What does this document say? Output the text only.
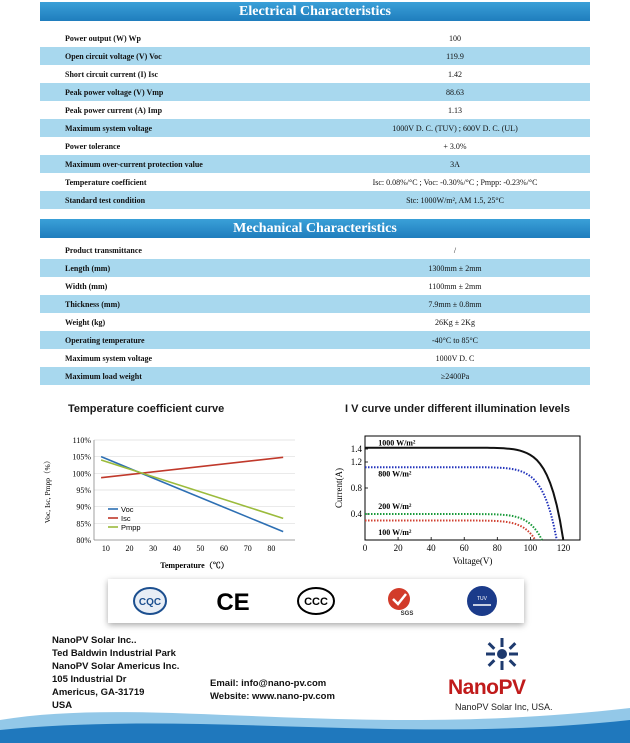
Electrical Characteristics
Power output (W) Wp	100
Open circuit voltage (V) Voc	119.9
Short circuit current (I) Isc	1.42
Peak power voltage (V) Vmp	88.63
Peak power current (A) Imp	1.13
Maximum system voltage	1000V D. C. (TUV) ; 600V D. C. (UL)
Power tolerance	+ 3.0%
Maximum over-current protection value	3A
Temperature coefficient	Isc: 0.08%/°C ; Voc: -0.30%/°C ; Pmpp: -0.23%/°C
Standard test condition	Stc: 1000W/m², AM 1.5, 25°C
Mechanical Characteristics
Product transmittance	/
Length (mm)	1300mm ± 2mm
Width (mm)	1100mm ± 2mm
Thickness (mm)	7.9mm ± 0.8mm
Weight (kg)	26Kg ± 2Kg
Operating temperature	-40°C to 85°C
Maximum system voltage	1000V D. C
Maximum load weight	≥2400Pa
Temperature coefficient curve	I V curve under different illumination levels
110%
105%
100%
95%
90%
85%
80%
10 20 30 40 50 60 70 80
Voc
Isc
Pmpp
Temperature（℃）
Voc, Isc, Pmpp（%）
0	20	40	60	80 100 120
0.4
0.8
1.2
1.4
1000 W/m²
800 W/m²
200 W/m²
100 W/m²
Voltage(V)
Current(A)
CQC CE	CCC
SGS
TUV
NanoPV Solar Inc..
Ted Baldwin Industrial Park
NanoPV Solar Americus Inc.
105 Industrial Dr
Americus, GA-31719
USA
Email: info@nano-pv.com
Website: www.nano-pv.com	NanoPV
NanoPV Solar Inc, USA.
